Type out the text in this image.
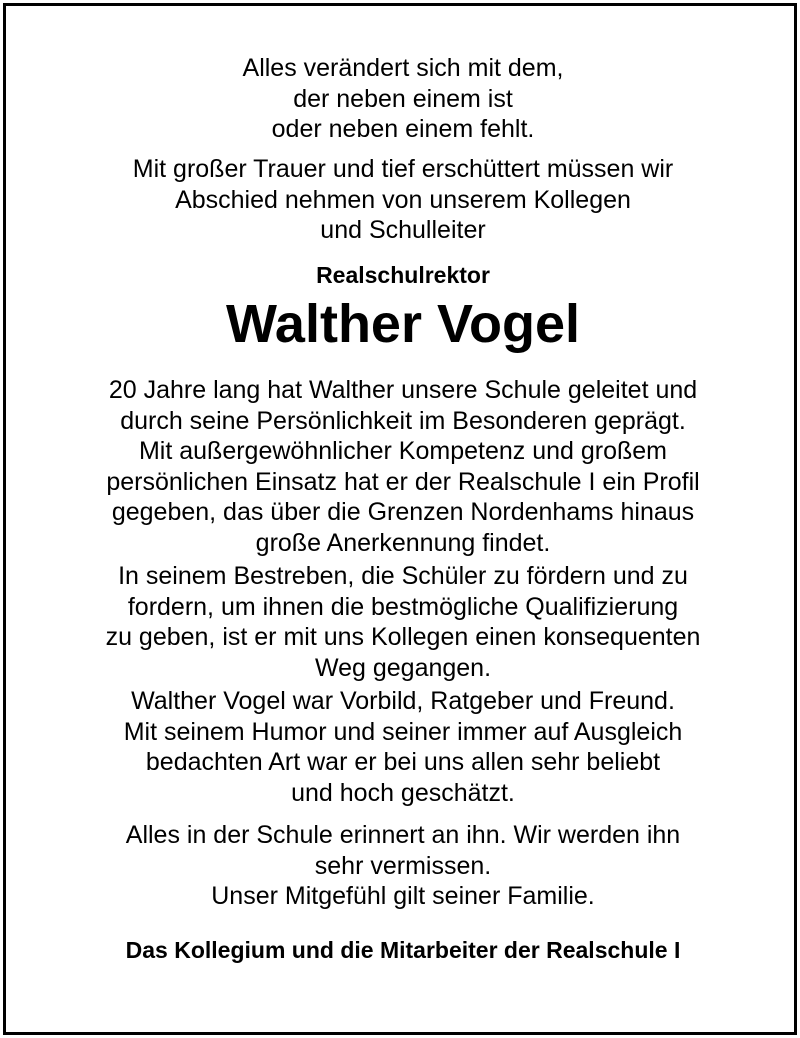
Alles verändert sich mit dem,
der neben einem ist
oder neben einem fehlt.
Mit großer Trauer und tief erschüttert müssen wir
Abschied nehmen von unserem Kollegen
und Schulleiter
Realschulrektor
Walther Vogel
20 Jahre lang hat Walther unsere Schule geleitet und
durch seine Persönlichkeit im Besonderen geprägt.
Mit außergewöhnlicher Kompetenz und großem
persönlichen Einsatz hat er der Realschule I ein Profil
gegeben, das über die Grenzen Nordenhams hinaus
große Anerkennung findet.
In seinem Bestreben, die Schüler zu fördern und zu
fordern, um ihnen die bestmögliche Qualifizierung
zu geben, ist er mit uns Kollegen einen konsequenten
Weg gegangen.
Walther Vogel war Vorbild, Ratgeber und Freund.
Mit seinem Humor und seiner immer auf Ausgleich
bedachten Art war er bei uns allen sehr beliebt
und hoch geschätzt.
Alles in der Schule erinnert an ihn. Wir werden ihn
sehr vermissen.
Unser Mitgefühl gilt seiner Familie.
Das Kollegium und die Mitarbeiter der Realschule I
